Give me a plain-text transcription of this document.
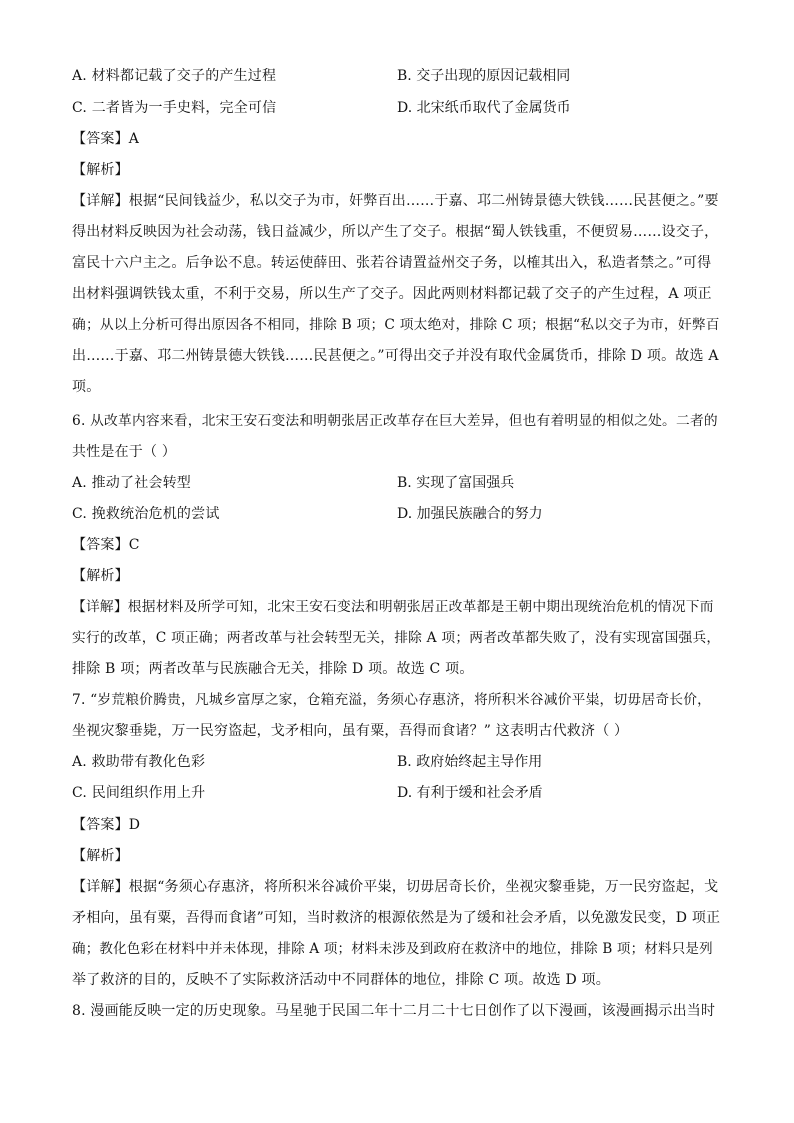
A. 材料都记载了交子的产生过程	B. 交子出现的原因记载相同
C. 二者皆为一手史料，完全可信	D. 北宋纸币取代了金属货币
【答案】A
【解析】
【详解】根据“民间钱益少，私以交子为市，奸弊百出……于嘉、邛二州铸景德大铁钱……民甚便之。”要
得出材料反映因为社会动荡，钱日益减少，所以产生了交子。根据“蜀人铁钱重，不便贸易……设交子，
富民十六户主之。后争讼不息。转运使薛田、张若谷请置益州交子务，以榷其出入，私造者禁之。”可得
出材料强调铁钱太重，不利于交易，所以生产了交子。因此两则材料都记载了交子的产生过程，A 项正
确；从以上分析可得出原因各不相同，排除 B 项；C 项太绝对，排除 C 项；根据“私以交子为市，奸弊百
出……于嘉、邛二州铸景德大铁钱……民甚便之。”可得出交子并没有取代金属货币，排除 D 项。故选 A
项。
6. 从改革内容来看，北宋王安石变法和明朝张居正改革存在巨大差异，但也有着明显的相似之处。二者的
共性是在于（ ）
A. 推动了社会转型	B. 实现了富国强兵
C. 挽救统治危机的尝试	D. 加强民族融合的努力
【答案】C
【解析】
【详解】根据材料及所学可知，北宋王安石变法和明朝张居正改革都是王朝中期出现统治危机的情况下而
实行的改革，C 项正确；两者改革与社会转型无关，排除 A 项；两者改革都失败了，没有实现富国强兵，
排除 B 项；两者改革与民族融合无关，排除 D 项。故选 C 项。
7. “岁荒粮价腾贵，凡城乡富厚之家，仓箱充溢，务须心存惠济，将所积米谷减价平粜，切毋居奇长价，
坐视灾黎垂毙，万一民穷盗起，戈矛相向，虽有粟，吾得而食诸？” 这表明古代救济（ ）
A. 救助带有教化色彩	B. 政府始终起主导作用
C. 民间组织作用上升	D. 有利于缓和社会矛盾
【答案】D
【解析】
【详解】根据“务须心存惠济，将所积米谷减价平粜，切毋居奇长价，坐视灾黎垂毙，万一民穷盗起，戈
矛相向，虽有粟，吾得而食诸”可知，当时救济的根源依然是为了缓和社会矛盾，以免激发民变，D 项正
确；教化色彩在材料中并未体现，排除 A 项；材料未涉及到政府在救济中的地位，排除 B 项；材料只是列
举了救济的目的，反映不了实际救济活动中不同群体的地位，排除 C 项。故选 D 项。
8. 漫画能反映一定的历史现象。马星驰于民国二年十二月二十七日创作了以下漫画，该漫画揭示出当时
